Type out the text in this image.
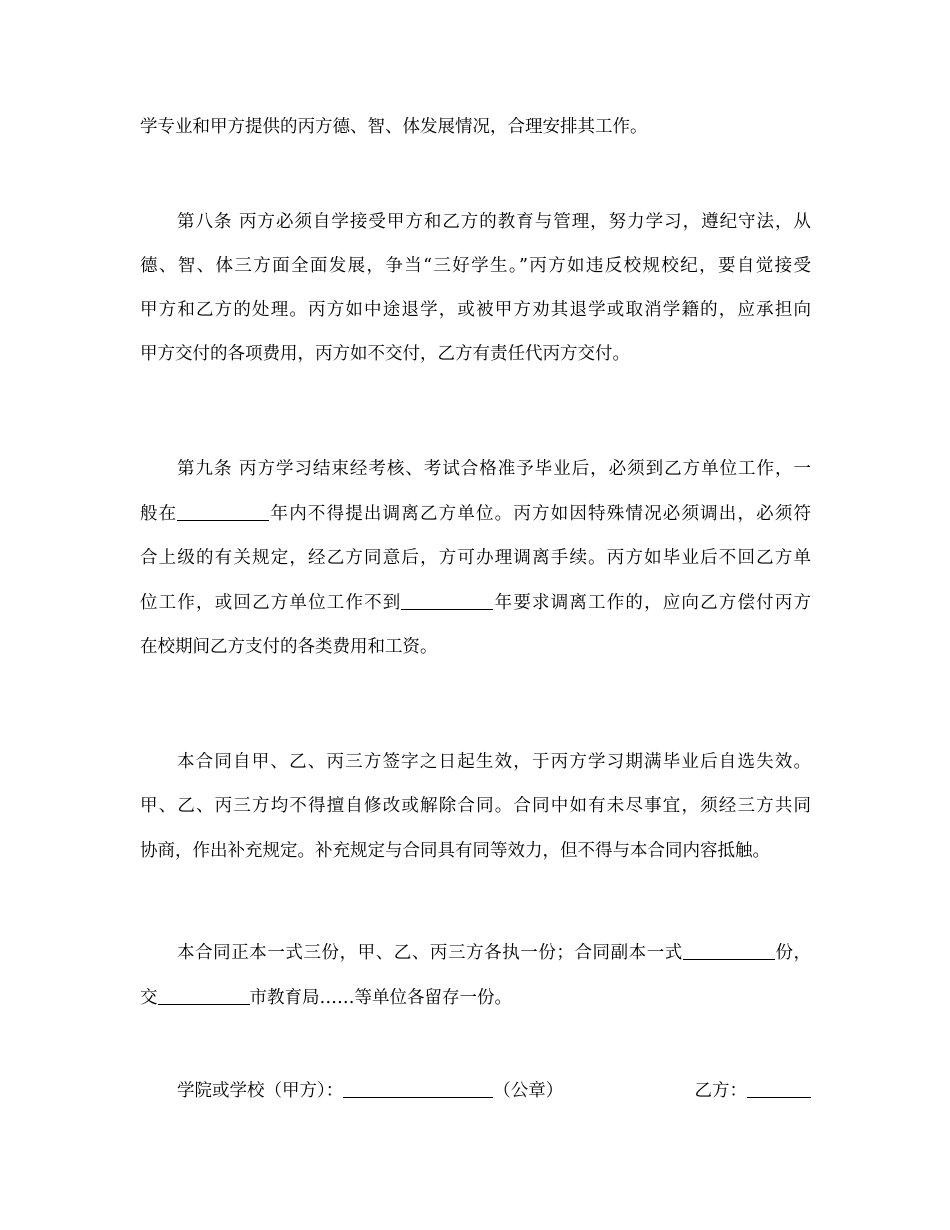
学专业和甲方提供的丙方德、智、体发展情况，合理安排其工作。
第八条 丙方必须自学接受甲方和乙方的教育与管理，努力学习，遵纪守法，从
德、智、体三方面全面发展，争当“三好学生。”丙方如违反校规校纪，要自觉接受
甲方和乙方的处理。丙方如中途退学，或被甲方劝其退学或取消学籍的，应承担向
甲方交付的各项费用，丙方如不交付，乙方有责任代丙方交付。
第九条 丙方学习结束经考核、考试合格准予毕业后，必须到乙方单位工作，一
般在	年内不得提出调离乙方单位。丙方如因特殊情况必须调出，必须符
合上级的有关规定，经乙方同意后，方可办理调离手续。丙方如毕业后不回乙方单
位工作，或回乙方单位工作不到	年要求调离工作的，应向乙方偿付丙方
在校期间乙方支付的各类费用和工资。
本合同自甲、乙、丙三方签字之日起生效，于丙方学习期满毕业后自选失效。
甲、乙、丙三方均不得擅自修改或解除合同。合同中如有未尽事宜，须经三方共同
协商，作出补充规定。补充规定与合同具有同等效力，但不得与本合同内容抵触。
本合同正本一式三份，甲、乙、丙三方各执一份；合同副本一式	份，
交	市教育局……等单位各留存一份。
学院或学校（甲方）：	（公章）	乙方：
